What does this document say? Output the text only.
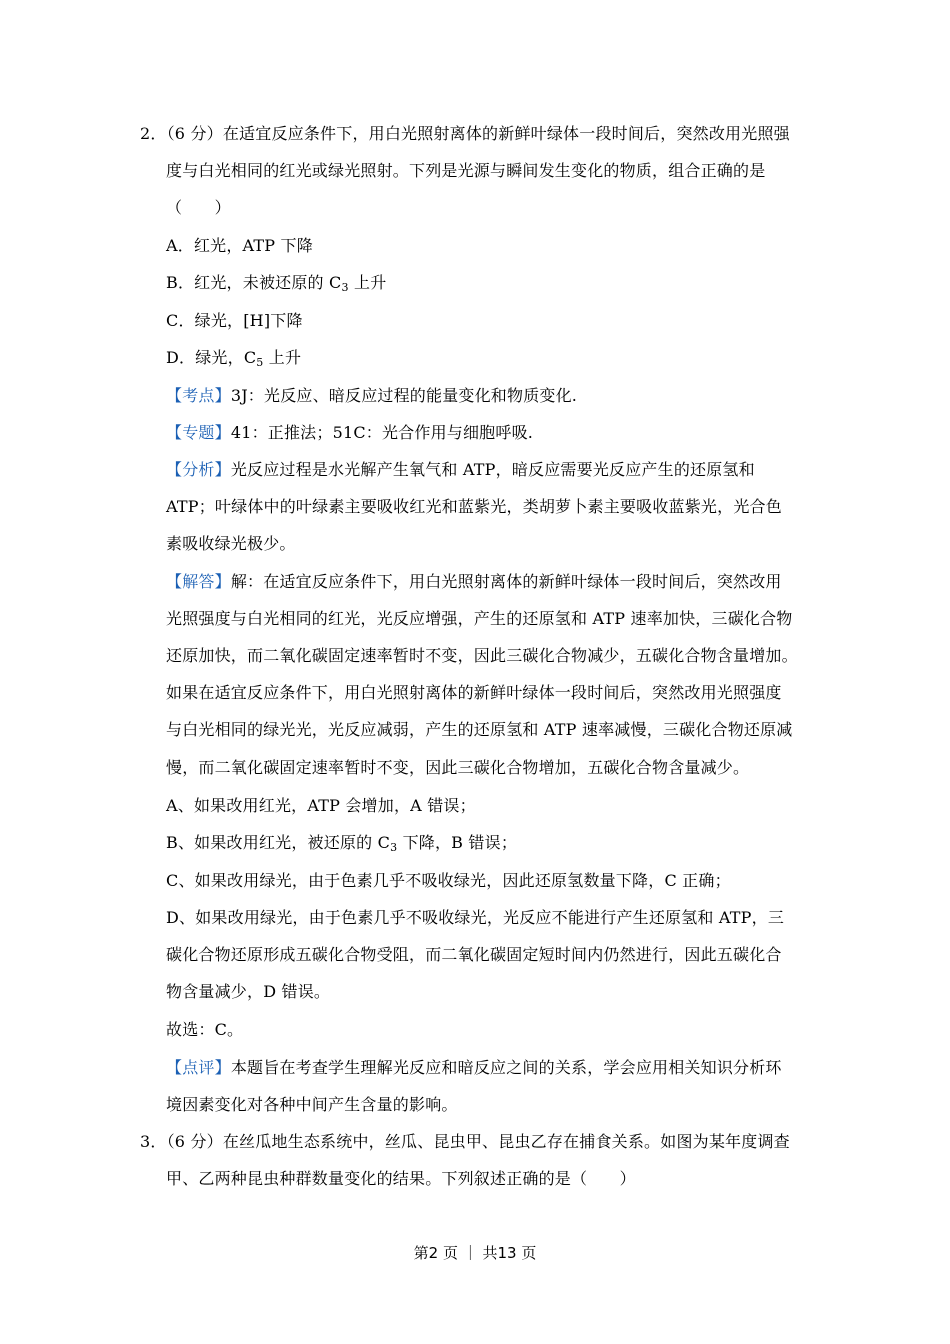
2．（6 分）在适宜反应条件下，用白光照射离体的新鲜叶绿体一段时间后，突然改用光照强
度与白光相同的红光或绿光照射。下列是光源与瞬间发生变化的物质，组合正确的是
（　　）
A．红光，ATP 下降
B．红光，未被还原的 $C_3$ 上升
C．绿光，[H]下降
D．绿光，$C_5$ 上升
【考点】3J：光反应、暗反应过程的能量变化和物质变化.
【专题】41：正推法；51C：光合作用与细胞呼吸.
【分析】光反应过程是水光解产生氧气和 ATP，暗反应需要光反应产生的还原氢和
ATP；叶绿体中的叶绿素主要吸收红光和蓝紫光，类胡萝卜素主要吸收蓝紫光，光合色
素吸收绿光极少。
【解答】解：在适宜反应条件下，用白光照射离体的新鲜叶绿体一段时间后，突然改用
光照强度与白光相同的红光，光反应增强，产生的还原氢和 ATP 速率加快，三碳化合物
还原加快，而二氧化碳固定速率暂时不变，因此三碳化合物减少，五碳化合物含量增加。
如果在适宜反应条件下，用白光照射离体的新鲜叶绿体一段时间后，突然改用光照强度
与白光相同的绿光光，光反应减弱，产生的还原氢和 ATP 速率减慢，三碳化合物还原减
慢，而二氧化碳固定速率暂时不变，因此三碳化合物增加，五碳化合物含量减少。
A、如果改用红光，ATP 会增加，A 错误；
B、如果改用红光，被还原的 $C_3$ 下降，B 错误；
C、如果改用绿光，由于色素几乎不吸收绿光，因此还原氢数量下降，C 正确；
D、如果改用绿光，由于色素几乎不吸收绿光，光反应不能进行产生还原氢和 ATP，三
碳化合物还原形成五碳化合物受阻，而二氧化碳固定短时间内仍然进行，因此五碳化合
物含量减少，D 错误。
故选：C。
【点评】本题旨在考查学生理解光反应和暗反应之间的关系，学会应用相关知识分析环
境因素变化对各种中间产生含量的影响。
3．（6 分）在丝瓜地生态系统中，丝瓜、昆虫甲、昆虫乙存在捕食关系。如图为某年度调查
甲、乙两种昆虫种群数量变化的结果。下列叙述正确的是（　　）
第2 页 ｜ 共13 页
